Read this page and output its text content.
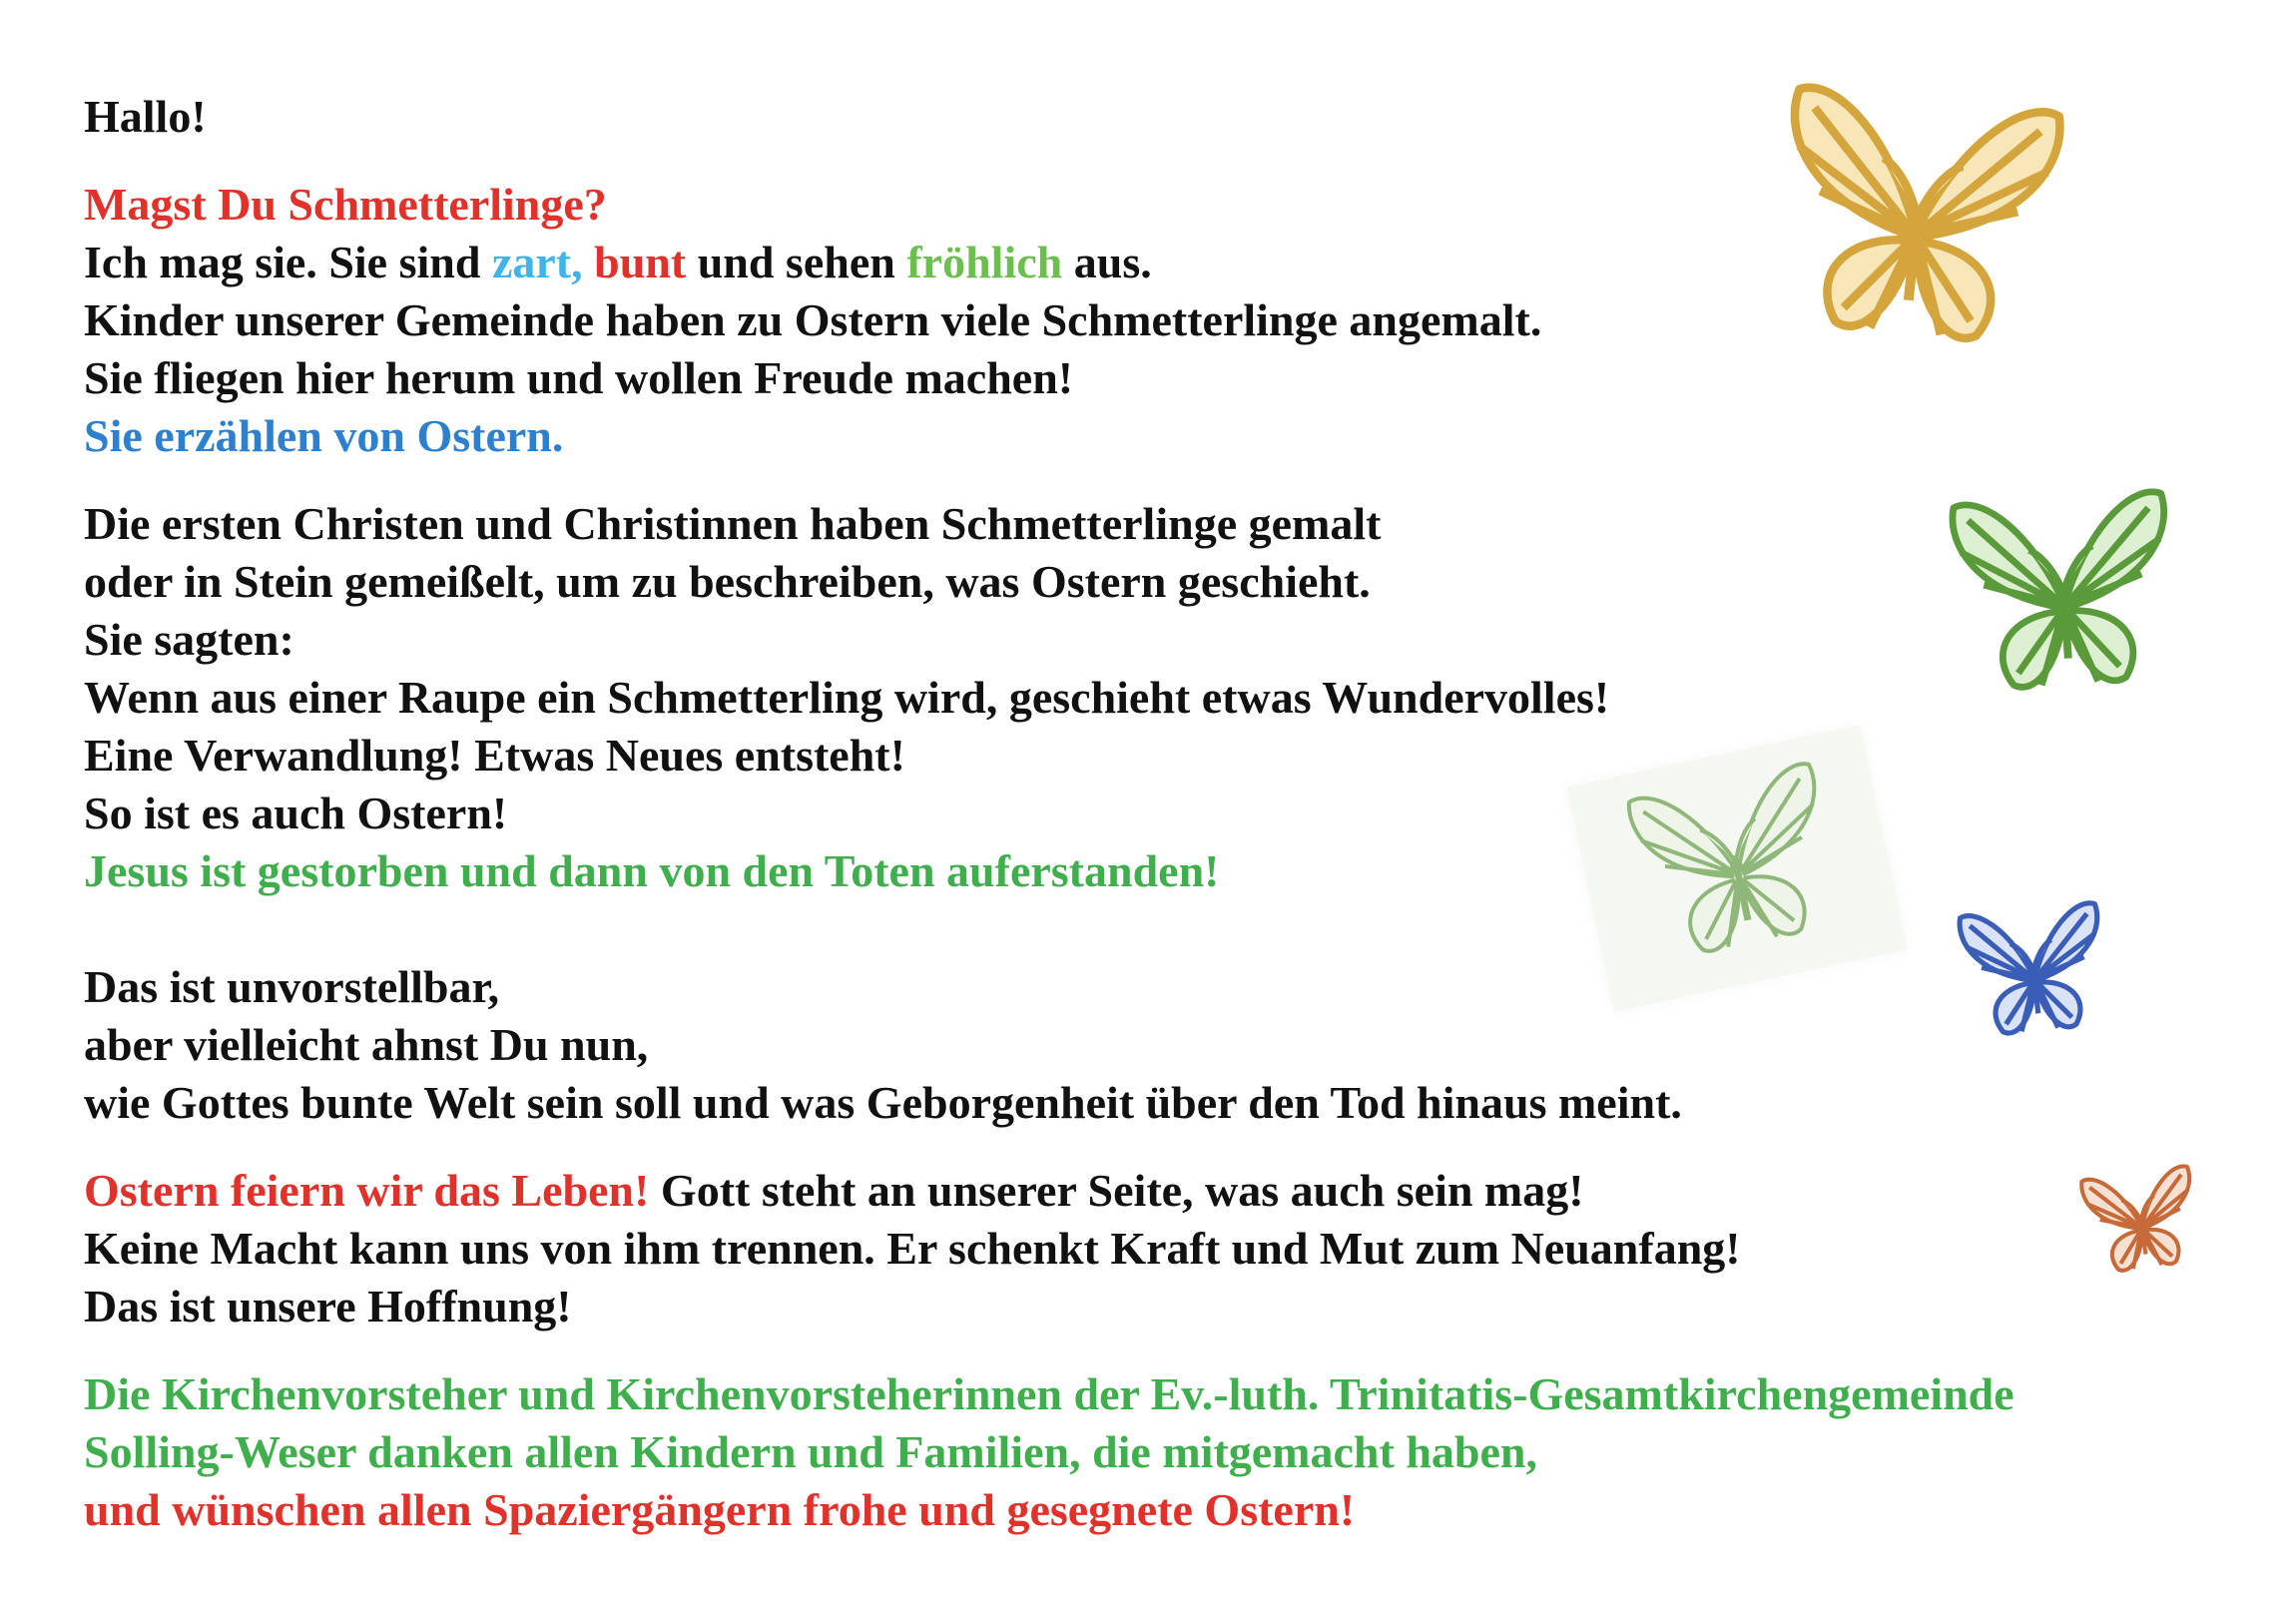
Hallo!
Magst Du Schmetterlinge?
Ich mag sie. Sie sind zart, bunt und sehen fröhlich aus.
Kinder unserer Gemeinde haben zu Ostern viele Schmetterlinge angemalt.
Sie fliegen hier herum und wollen Freude machen!
Sie erzählen von Ostern.
Die ersten Christen und Christinnen haben Schmetterlinge gemalt
oder in Stein gemeißelt, um zu beschreiben, was Ostern geschieht.
Sie sagten:
Wenn aus einer Raupe ein Schmetterling wird, geschieht etwas Wundervolles!
Eine Verwandlung! Etwas Neues entsteht!
So ist es auch Ostern!
Jesus ist gestorben und dann von den Toten auferstanden!
Das ist unvorstellbar,
aber vielleicht ahnst Du nun,
wie Gottes bunte Welt sein soll und was Geborgenheit über den Tod hinaus meint.
Ostern feiern wir das Leben! Gott steht an unserer Seite, was auch sein mag!
Keine Macht kann uns von ihm trennen. Er schenkt Kraft und Mut zum Neuanfang!
Das ist unsere Hoffnung!
Die Kirchenvorsteher und Kirchenvorsteherinnen der Ev.-luth. Trinitatis-Gesamtkirchengemeinde
Solling-Weser danken allen Kindern und Familien, die mitgemacht haben,
und wünschen allen Spaziergängern frohe und gesegnete Ostern!
